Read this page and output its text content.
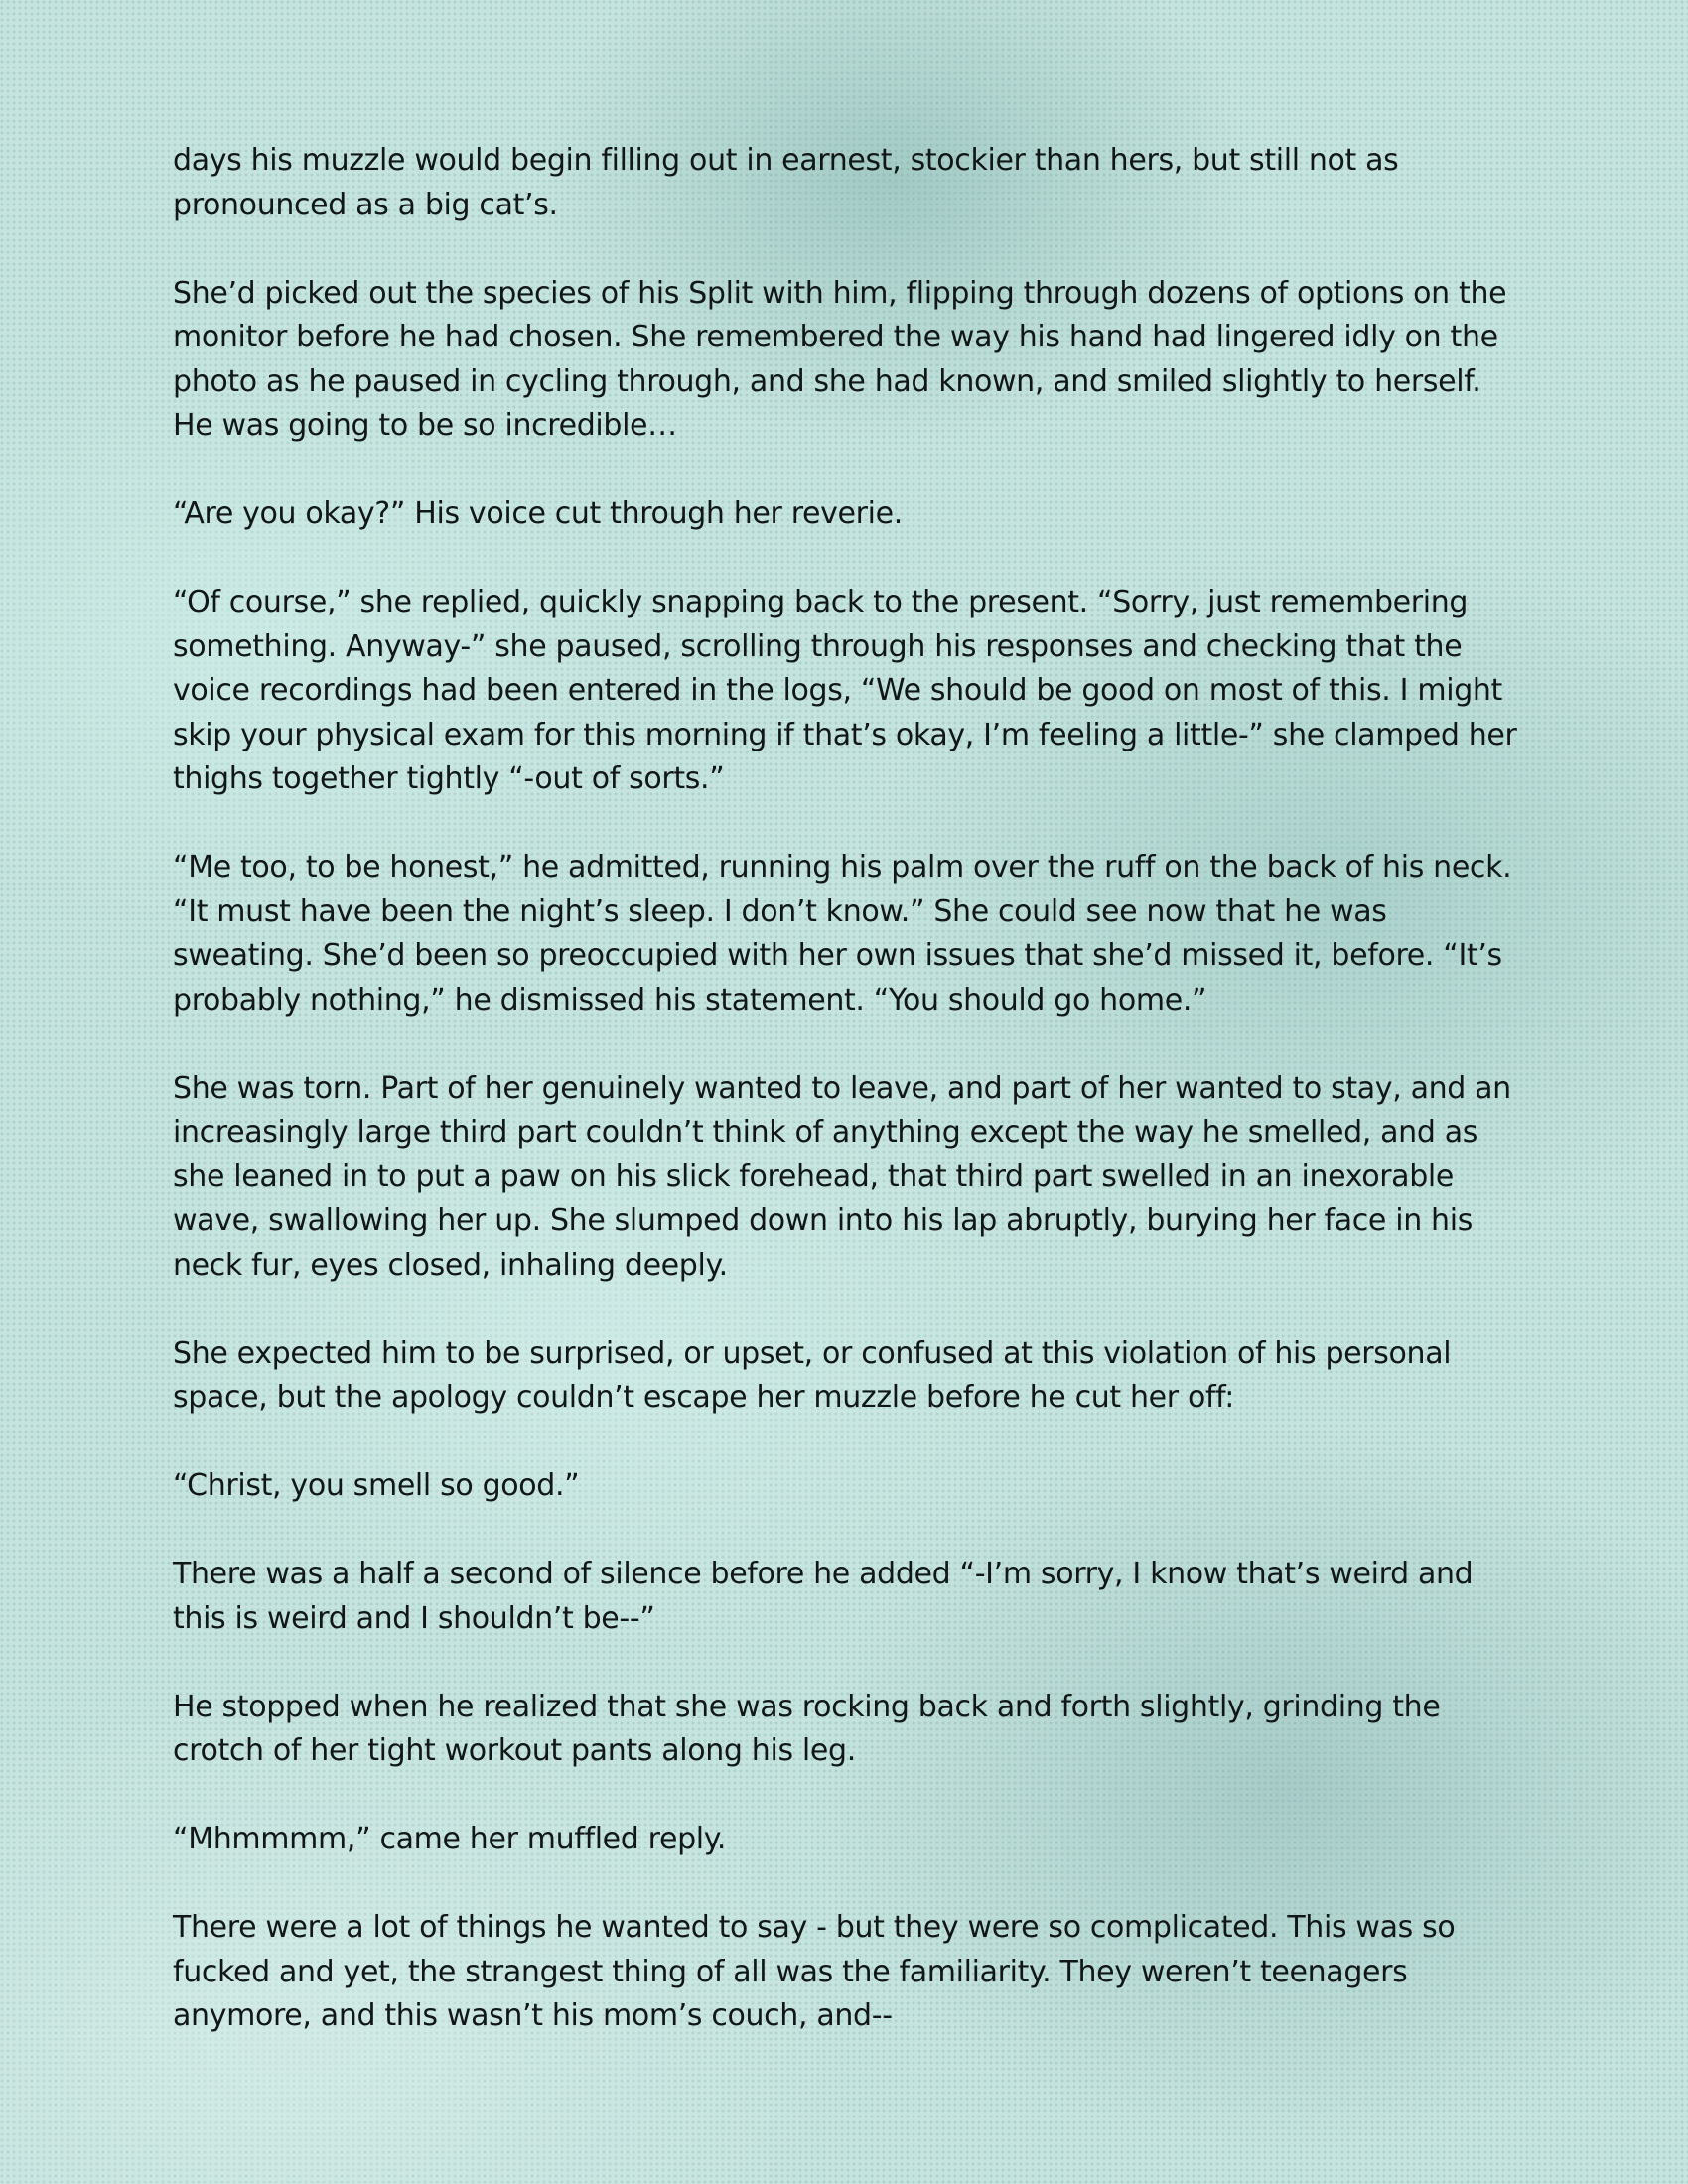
days his muzzle would begin filling out in earnest, stockier than hers, but still not as pronounced as a big cat’s.

She’d picked out the species of his Split with him, flipping through dozens of options on the monitor before he had chosen. She remembered the way his hand had lingered idly on the photo as he paused in cycling through, and she had known, and smiled slightly to herself. He was going to be so incredible…

“Are you okay?” His voice cut through her reverie.

“Of course,” she replied, quickly snapping back to the present. “Sorry, just remembering something. Anyway-” she paused, scrolling through his responses and checking that the voice recordings had been entered in the logs, “We should be good on most of this. I might skip your physical exam for this morning if that’s okay, I’m feeling a little-” she clamped her thighs together tightly “-out of sorts.”

“Me too, to be honest,” he admitted, running his palm over the ruff on the back of his neck. “It must have been the night’s sleep. I don’t know.” She could see now that he was sweating. She’d been so preoccupied with her own issues that she’d missed it, before. “It’s probably nothing,” he dismissed his statement. “You should go home.”

She was torn. Part of her genuinely wanted to leave, and part of her wanted to stay, and an increasingly large third part couldn’t think of anything except the way he smelled, and as she leaned in to put a paw on his slick forehead, that third part swelled in an inexorable wave, swallowing her up. She slumped down into his lap abruptly, burying her face in his neck fur, eyes closed, inhaling deeply.

She expected him to be surprised, or upset, or confused at this violation of his personal space, but the apology couldn’t escape her muzzle before he cut her off:

“Christ, you smell so good.”

There was a half a second of silence before he added “-I’m sorry, I know that’s weird and this is weird and I shouldn’t be--”

He stopped when he realized that she was rocking back and forth slightly, grinding the crotch of her tight workout pants along his leg.

“Mhmmmm,” came her muffled reply.

There were a lot of things he wanted to say - but they were so complicated. This was so fucked and yet, the strangest thing of all was the familiarity. They weren’t teenagers anymore, and this wasn’t his mom’s couch, and--
